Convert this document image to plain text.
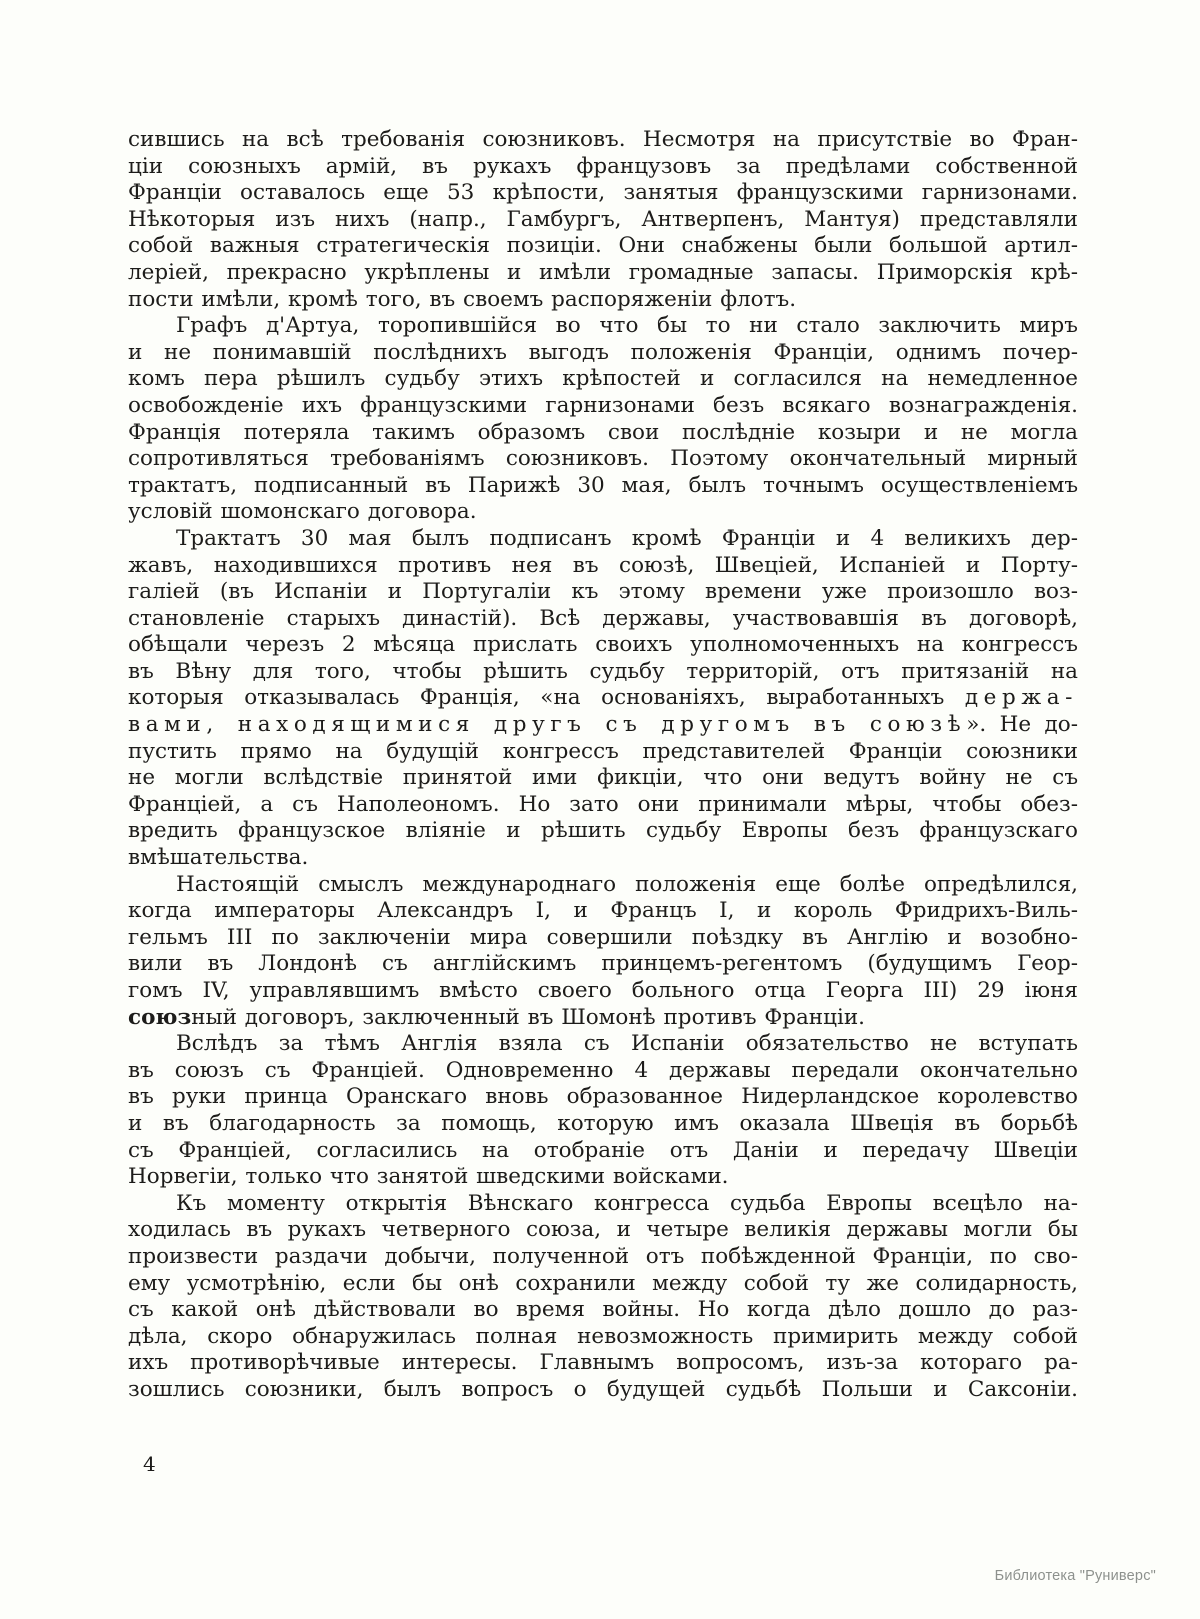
сившись на всѣ требованія союзниковъ. Несмотря на присутствіе во Фран-
ціи союзныхъ армій, въ рукахъ французовъ за предѣлами собственной
Франціи оставалось еще 53 крѣпости, занятыя французскими гарнизонами.
Нѣкоторыя изъ нихъ (напр., Гамбургъ, Антверпенъ, Мантуя) представляли
собой важныя стратегическія позиціи. Они снабжены были большой артил-
леріей, прекрасно укрѣплены и имѣли громадные запасы. Приморскія крѣ-
пости имѣли, кромѣ того, въ своемъ распоряженіи флотъ.
Графъ д'Артуа, торопившійся во что бы то ни стало заключить миръ
и не понимавшій послѣднихъ выгодъ положенія Франціи, однимъ почер-
комъ пера рѣшилъ судьбу этихъ крѣпостей и согласился на немедленное
освобожденіе ихъ французскими гарнизонами безъ всякаго вознагражденія.
Франція потеряла такимъ образомъ свои послѣдніе козыри и не могла
сопротивляться требованіямъ союзниковъ. Поэтому окончательный мирный
трактатъ, подписанный въ Парижѣ 30 мая, былъ точнымъ осуществленіемъ
условій шомонскаго договора.
Трактатъ 30 мая былъ подписанъ кромѣ Франціи и 4 великихъ дер-
жавъ, находившихся противъ нея въ союзѣ, Швеціей, Испаніей и Порту-
галіей (въ Испаніи и Португаліи къ этому времени уже произошло воз-
становленіе старыхъ династій). Всѣ державы, участвовавшія въ договорѣ,
обѣщали черезъ 2 мѣсяца прислать своихъ уполномоченныхъ на конгрессъ
въ Вѣну для того, чтобы рѣшить судьбу территорій, отъ притязаній на
которыя отказывалась Франція, «на основаніяхъ, выработанныхъ держа-
вами, находящимися другъ съ другомъ въ союзѣ». Не до-
пустить прямо на будущій конгрессъ представителей Франціи союзники
не могли вслѣдствіе принятой ими фикціи, что они ведутъ войну не съ
Франціей, а съ Наполеономъ. Но зато они принимали мѣры, чтобы обез-
вредить французское вліяніе и рѣшить судьбу Европы безъ французскаго
вмѣшательства.
Настоящій смыслъ международнаго положенія еще болѣе опредѣлился,
когда императоры Александръ I, и Францъ I, и король Фридрихъ-Виль-
гельмъ III по заключеніи мира совершили поѣздку въ Англію и возобно-
вили въ Лондонѣ съ англійскимъ принцемъ-регентомъ (будущимъ Геор-
гомъ IV, управлявшимъ вмѣсто своего больного отца Георга III) 29 іюня
союзный договоръ, заключенный въ Шомонѣ противъ Франціи.
Вслѣдъ за тѣмъ Англія взяла съ Испаніи обязательство не вступать
въ союзъ съ Франціей. Одновременно 4 державы передали окончательно
въ руки принца Оранскаго вновь образованное Нидерландское королевство
и въ благодарность за помощь, которую имъ оказала Швеція въ борьбѣ
съ Франціей, согласились на отобраніе отъ Даніи и передачу Швеціи
Норвегіи, только что занятой шведскими войсками.
Къ моменту открытія Вѣнскаго конгресса судьба Европы всецѣло на-
ходилась въ рукахъ четверного союза, и четыре великія державы могли бы
произвести раздачи добычи, полученной отъ побѣжденной Франціи, по сво-
ему усмотрѣнію, если бы онѣ сохранили между собой ту же солидарность,
съ какой онѣ дѣйствовали во время войны. Но когда дѣло дошло до раз-
дѣла, скоро обнаружилась полная невозможность примирить между собой
ихъ противорѣчивые интересы. Главнымъ вопросомъ, изъ-за котораго ра-
зошлись союзники, былъ вопросъ о будущей судьбѣ Польши и Саксоніи.
4
Библиотека "Руниверс"
